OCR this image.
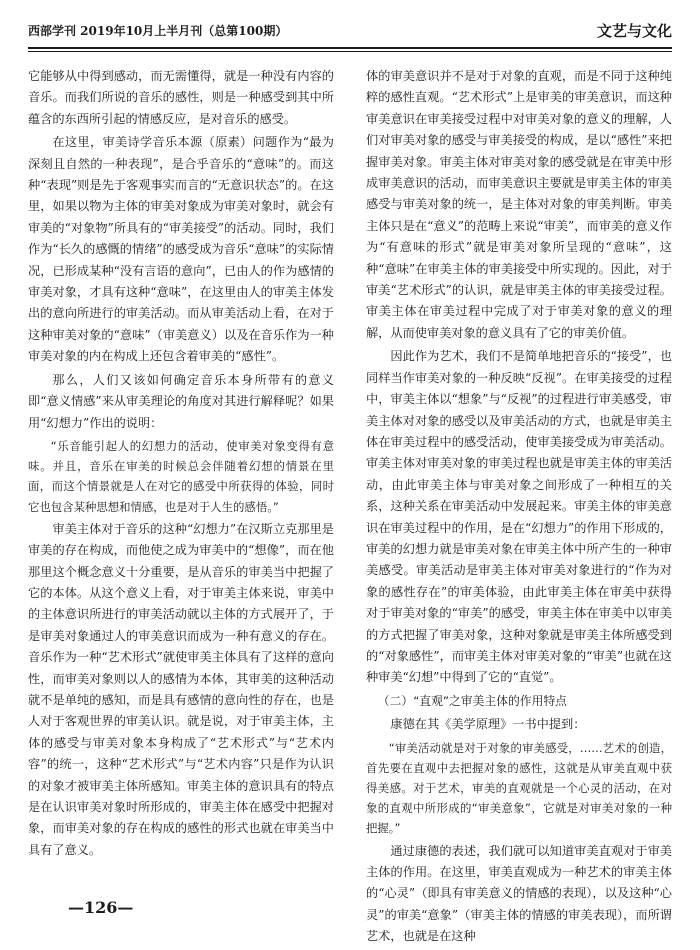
西部学刊 2019年10月上半月刊（总第100期）	文艺与文化

它能够从中得到感动，而无需懂得，就是一种没有内容的音乐。而我们所说的音乐的感性，则是一种感受到其中所蕴含的东西所引起的情感反应，是对音乐的感受。

在这里，审美诗学音乐本源（原素）问题作为“最为深刻且自然的一种表现”，是合乎音乐的“意味”的。而这种“表现”则是先于客观事实而言的“无意识状态”的。在这里，如果以物为主体的审美对象成为审美对象时，就会有审美的“对象物”所具有的“审美接受”的活动。同时，我们作为“长久的感慨的情绪”的感受成为音乐“意味”的实际情况，已形成某种“没有言语的意向”，已由人的作为感情的审美对象，才具有这种“意味”，在这里由人的审美主体发出的意向所进行的审美活动。而从审美活动上看，在对于这种审美对象的“意味”（审美意义）以及在音乐作为一种审美对象的内在构成上还包含着审美的“感性”。

那么，人们又该如何确定音乐本身所带有的意义即“意义情感”来从审美理论的角度对其进行解释呢？如果用“幻想力”作出的说明：

“乐音能引起人的幻想力的活动，使审美对象变得有意味。并且，音乐在审美的时候总会伴随着幻想的情景在里面，而这个情景就是人在对它的感受中所获得的体验，同时它也包含某种思想和情感，也是对于人生的感悟。”

审美主体对于音乐的这种“幻想力”在汉斯立克那里是审美的存在构成，而他使之成为审美中的“想像”，而在他那里这个概念意义十分重要，是从音乐的审美当中把握了它的本体。从这个意义上看，对于审美主体来说，审美中的主体意识所进行的审美活动就以主体的方式展开了，于是审美对象通过人的审美意识而成为一种有意义的存在。音乐作为一种“艺术形式”就使审美主体具有了这样的意向性，而审美对象则以人的感情为本体，其审美的这种活动就不是单纯的感知，而是具有感情的意向性的存在，也是人对于客观世界的审美认识。就是说，对于审美主体，主体的感受与审美对象本身构成了“艺术形式”与“艺术内容”的统一，这种“艺术形式”与“艺术内容”只是作为认识的对象才被审美主体所感知。审美主体的意识具有的特点是在认识审美对象时所形成的，审美主体在感受中把握对象，而审美对象的存在构成的感性的形式也就在审美当中具有了意义。

体的审美意识并不是对于对象的直观，而是不同于这种纯粹的感性直观。“艺术形式”上是审美的审美意识，而这种审美意识在审美接受过程中对审美对象的意义的理解，人们对审美对象的感受与审美接受的构成，是以“感性”来把握审美对象。审美主体对审美对象的感受就是在审美中形成审美意识的活动，而审美意识主要就是审美主体的审美感受与审美对象的统一，是主体对对象的审美判断。审美主体只是在“意义”的范畴上来说“审美”，而审美的意义作为“有意味的形式”就是审美对象所呈现的“意味”，这种“意味”在审美主体的审美接受中所实现的。因此，对于审美“艺术形式”的认识，就是审美主体的审美接受过程。审美主体在审美过程中完成了对于审美对象的意义的理解，从而使审美对象的意义具有了它的审美价值。

因此作为艺术，我们不是简单地把音乐的“接受”，也同样当作审美对象的一种反映“反视”。在审美接受的过程中，审美主体以“想象”与“反视”的过程进行审美感受，审美主体对对象的感受以及审美活动的方式，也就是审美主体在审美过程中的感受活动，使审美接受成为审美活动。审美主体对审美对象的审美过程也就是审美主体的审美活动，由此审美主体与审美对象之间形成了一种相互的关系，这种关系在审美活动中发展起来。审美主体的审美意识在审美过程中的作用，是在“幻想力”的作用下形成的，审美的幻想力就是审美对象在审美主体中所产生的一种审美感受。审美活动是审美主体对审美对象进行的“作为对象的感性存在”的审美体验，由此审美主体在审美中获得对于审美对象的“审美”的感受，审美主体在审美中以审美的方式把握了审美对象，这种对象就是审美主体所感受到的“对象感性”，而审美主体对审美对象的“审美”也就在这种审美“幻想”中得到了它的“直觉”。

（二）“直观”之审美主体的作用特点

康德在其《美学原理》一书中提到：

“审美活动就是对于对象的审美感受，……艺术的创造，首先要在直观中去把握对象的感性，这就是从审美直观中获得美感。对于艺术，审美的直观就是一个心灵的活动，在对象的直观中所形成的“审美意象”，它就是对审美对象的一种把握。”

通过康德的表述，我们就可以知道审美直观对于审美主体的作用。在这里，审美直观成为一种艺术的审美主体的“心灵”（即具有审美意义的情感的表现），以及这种“心灵”的审美“意象”（审美主体的情感的审美表现），而所谓艺术，也就是在这种

—126—
